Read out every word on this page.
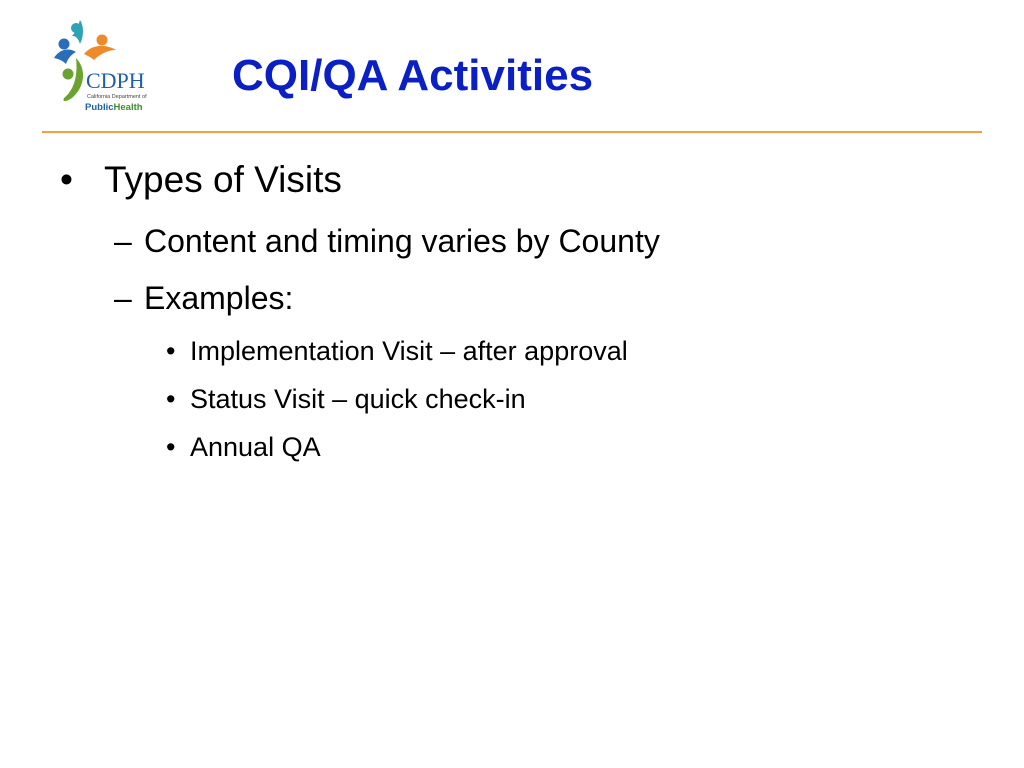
CDPH
California Department of
PublicHealth
CQI/QA Activities
• Types of Visits
– Content and timing varies by County
– Examples:
• Implementation Visit – after approval
• Status Visit – quick check-in
• Annual QA
